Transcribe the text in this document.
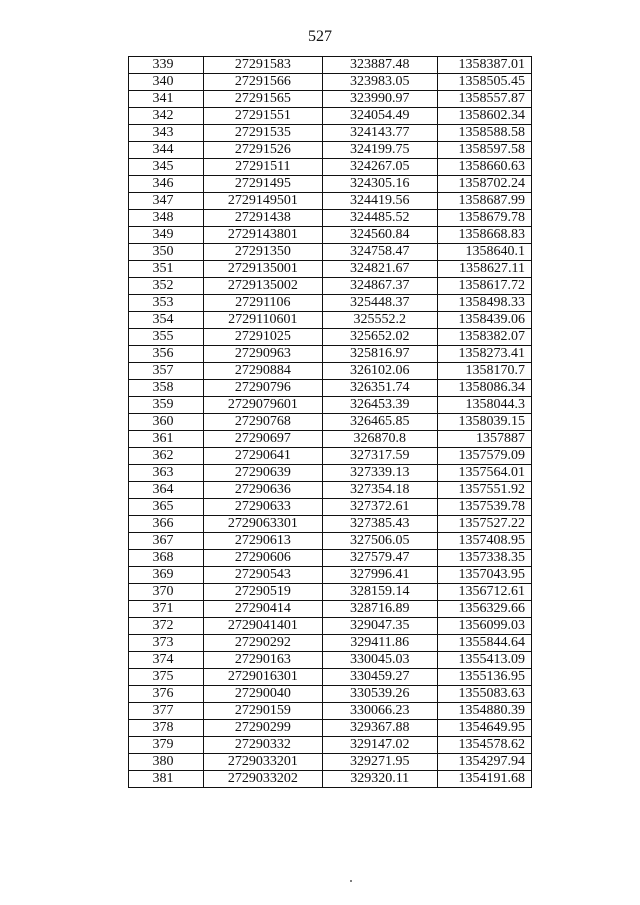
527
339	27291583	323887.48	1358387.01
340	27291566	323983.05	1358505.45
341	27291565	323990.97	1358557.87
342	27291551	324054.49	1358602.34
343	27291535	324143.77	1358588.58
344	27291526	324199.75	1358597.58
345	27291511	324267.05	1358660.63
346	27291495	324305.16	1358702.24
347	2729149501	324419.56	1358687.99
348	27291438	324485.52	1358679.78
349	2729143801	324560.84	1358668.83
350	27291350	324758.47	1358640.1
351	2729135001	324821.67	1358627.11
352	2729135002	324867.37	1358617.72
353	27291106	325448.37	1358498.33
354	2729110601	325552.2	1358439.06
355	27291025	325652.02	1358382.07
356	27290963	325816.97	1358273.41
357	27290884	326102.06	1358170.7
358	27290796	326351.74	1358086.34
359	2729079601	326453.39	1358044.3
360	27290768	326465.85	1358039.15
361	27290697	326870.8	1357887
362	27290641	327317.59	1357579.09
363	27290639	327339.13	1357564.01
364	27290636	327354.18	1357551.92
365	27290633	327372.61	1357539.78
366	2729063301	327385.43	1357527.22
367	27290613	327506.05	1357408.95
368	27290606	327579.47	1357338.35
369	27290543	327996.41	1357043.95
370	27290519	328159.14	1356712.61
371	27290414	328716.89	1356329.66
372	2729041401	329047.35	1356099.03
373	27290292	329411.86	1355844.64
374	27290163	330045.03	1355413.09
375	2729016301	330459.27	1355136.95
376	27290040	330539.26	1355083.63
377	27290159	330066.23	1354880.39
378	27290299	329367.88	1354649.95
379	27290332	329147.02	1354578.62
380	2729033201	329271.95	1354297.94
381	2729033202	329320.11	1354191.68
